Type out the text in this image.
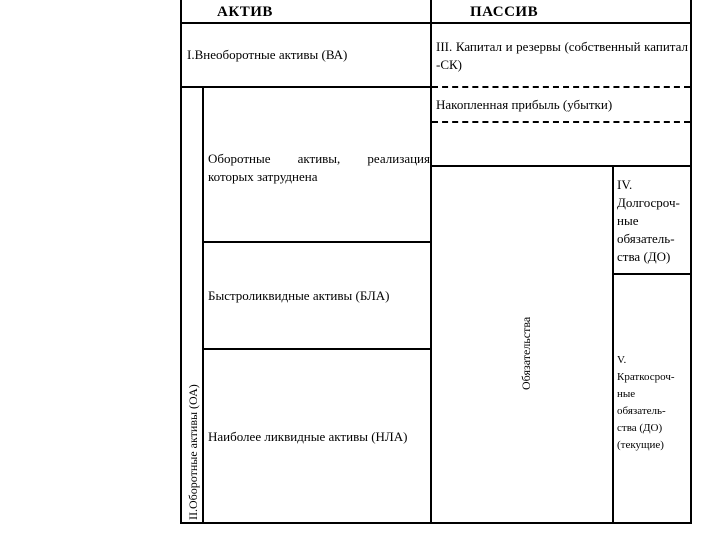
АКТИВ	ПАССИВ
I.Внеоборотные активы (ВА)
Оборотные активы, реализация которых затруднена
Быстроликвидные активы (БЛА)
Наиболее ликвидные активы (НЛА)
II.Оборотные активы (ОА)
III. Капитал и резервы (собственный капитал -СК)
Накопленная прибыль (убытки)
Обязательства
IV.
Долгосроч-
ные
обязатель-
ства (ДО)
V.
Краткосроч-
ные
обязатель-
ства (ДО)
(текущие)
